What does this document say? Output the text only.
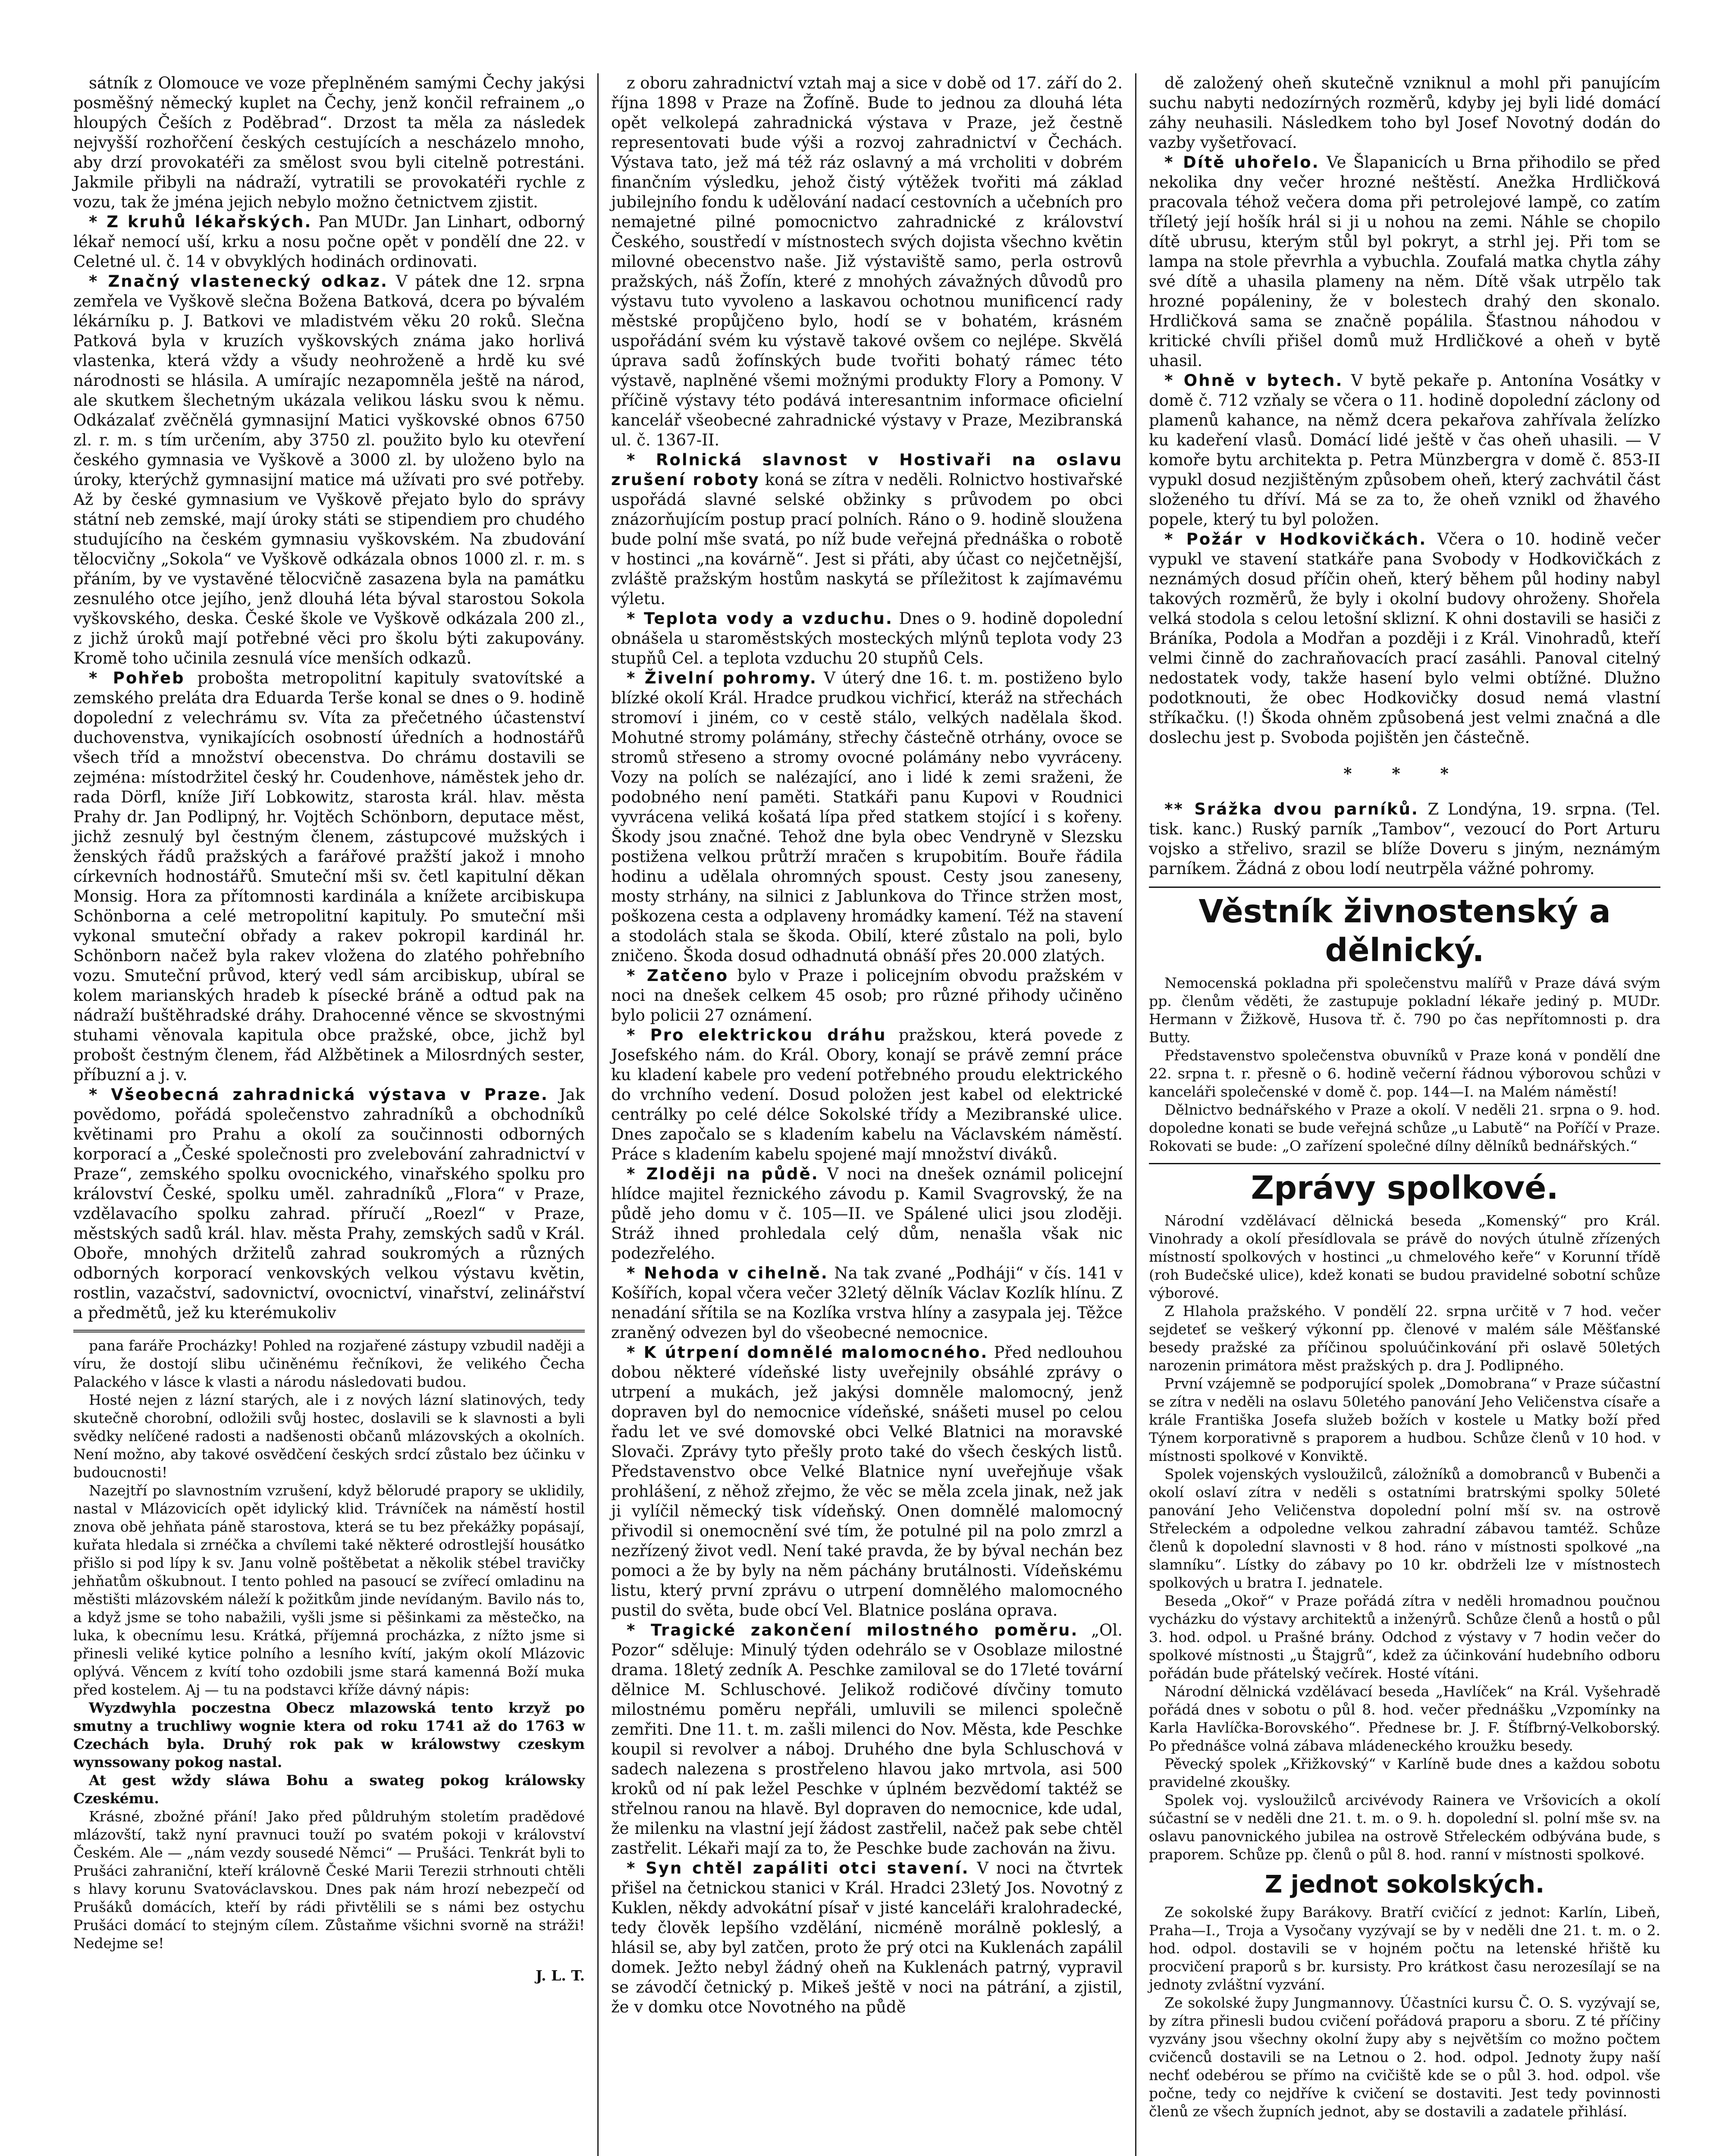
sátník z Olomouce ve voze přeplněném samými Čechy jakýsi posměšný německý kuplet na Čechy, jenž končil refrainem „o hloupých Češích z Poděbrad“. Drzost ta měla za následek nejvyšší rozhořčení českých cestujících a nescházelo mnoho, aby drzí provokatéři za smělost svou byli citelně potrestáni. Jakmile přibyli na nádraží, vytratili se provokatéři rychle z vozu, tak že jména jejich nebylo možno četnictvem zjistit.

* Z kruhů lékařských. Pan MUDr. Jan Linhart, odborný lékař nemocí uší, krku a nosu počne opět v pondělí dne 22. v Celetné ul. č. 14 v obvyklých hodinách ordinovati.

* Značný vlastenecký odkaz. V pátek dne 12. srpna zemřela ve Vyškově slečna Božena Batková, dcera po bývalém lékárníku p. J. Batkovi ve mladistvém věku 20 roků. Slečna Patková byla v kruzích vyškovských známa jako horlivá vlastenka, která vždy a všudy neohroženě a hrdě ku své národnosti se hlásila. A umírajíc nezapomněla ještě na národ, ale skutkem šlechetným ukázala velikou lásku svou k němu. Odkázalať zvěčnělá gymnasijní Matici vyškovské obnos 6750 zl. r. m. s tím určením, aby 3750 zl. použito bylo ku otevření českého gymnasia ve Vyškově a 3000 zl. by uloženo bylo na úroky, kterýchž gymnasijní matice má užívati pro své potřeby. Až by české gymnasium ve Vyškově přejato bylo do správy státní neb zemské, mají úroky státi se stipendiem pro chudého studujícího na českém gymnasiu vyškovském. Na zbudování tělocvičny „Sokola“ ve Vyškově odkázala obnos 1000 zl. r. m. s přáním, by ve vystavěné tělocvičně zasazena byla na památku zesnulého otce jejího, jenž dlouhá léta býval starostou Sokola vyškovského, deska. České škole ve Vyškově odkázala 200 zl., z jichž úroků mají potřebné věci pro školu býti zakupovány. Kromě toho učinila zesnulá více menších odkazů.

* Pohřeb probošta metropolitní kapituly svatovítské a zemského preláta dra Eduarda Terše konal se dnes o 9. hodině dopolední z velechrámu sv. Víta za přečetného účastenství duchovenstva, vynikajících osobností úředních a hodnostářů všech tříd a množství obecenstva. Do chrámu dostavili se zejména: místodržitel český hr. Coudenhove, náměstek jeho dr. rada Dörfl, kníže Jiří Lobkowitz, starosta král. hlav. města Prahy dr. Jan Podlipný, hr. Vojtěch Schönborn, deputace měst, jichž zesnulý byl čestným členem, zástupcové mužských i ženských řádů pražských a farářové pražští jakož i mnoho církevních hodnostářů. Smuteční mši sv. četl kapitulní děkan Monsig. Hora za přítomnosti kardinála a knížete arcibiskupa Schönborna a celé metropolitní kapituly. Po smuteční mši vykonal smuteční obřady a rakev pokropil kardinál hr. Schönborn načež byla rakev vložena do zlatého pohřebního vozu. Smuteční průvod, který vedl sám arcibiskup, ubíral se kolem marianských hradeb k písecké bráně a odtud pak na nádraží buštěhradské dráhy. Drahocenné věnce se skvostnými stuhami věnovala kapitula obce pražské, obce, jichž byl probošt čestným členem, řád Alžbětinek a Milosrdných sester, příbuzní a j. v.

* Všeobecná zahradnická výstava v Praze. Jak povědomo, pořádá společenstvo zahradníků a obchodníků květinami pro Prahu a okolí za součinnosti odborných korporací a „České společnosti pro zvelebování zahradnictví v Praze“, zemského spolku ovocnického, vinařského spolku pro království České, spolku uměl. zahradníků „Flora“ v Praze, vzdělavacího spolku zahrad. příručí „Roezl“ v Praze, městských sadů král. hlav. města Prahy, zemských sadů v Král. Oboře, mnohých držitelů zahrad soukromých a různých odborných korporací venkovských velkou výstavu květin, rostlin, vazačství, sadovnictví, ovocnictví, vinařství, zelinářství a předmětů, jež ku kterémukoliv

pana faráře Procházky! Pohled na rozjařené zástupy vzbudil naději a víru, že dostojí slibu učiněnému řečníkovi, že velikého Čecha Palackého v lásce k vlasti a národu následovati budou.

Hosté nejen z lázní starých, ale i z nových lázní slatinových, tedy skutečně chorobní, odložili svůj hostec, doslavili se k slavnosti a byli svědky nelíčené radosti a nadšenosti občanů mlázovských a okolních. Není možno, aby takové osvědčení českých srdcí zůstalo bez účinku v budoucnosti!

Nazejtří po slavnostním vzrušení, když bělorudé prapory se uklidily, nastal v Mlázovicích opět idylický klid. Trávníček na náměstí hostil znova obě jehňata páně starostova, která se tu bez překážky popásají, kuřata hledala si zrnéčka a chvílemi také některé odrostlejší housátko přišlo si pod lípy k sv. Janu volně poštěbetat a několik stébel travičky jehňatům oškubnout. I tento pohled na pasoucí se zvířecí omladinu na městišti mlázovském náleží k požitkům jinde nevídaným. Bavilo nás to, a když jsme se toho nabažili, vyšli jsme si pěšinkami za městečko, na luka, k obecnímu lesu. Krátká, příjemná procházka, z nížto jsme si přinesli veliké kytice polního a lesního kvítí, jakým okolí Mlázovic oplývá. Věncem z kvítí toho ozdobili jsme stará kamenná Boží muka před kostelem. Aj — tu na podstavci kříže dávný nápis:

Wyzdwyhla poczestna Obecz mlazowská tento krzyž po smutny a truchliwy wognie ktera od roku 1741 až do 1763 w Czechách byla. Druhý rok pak w králowstwy czeskym wynssowany pokog nastal.

At gest wždy sláwa Bohu a swateg pokog králowsky Czeskému.

Krásné, zbožné přání! Jako před půldruhým stoletím pradědové mlázovští, takž nyní pravnuci touží po svatém pokoji v království Českém. Ale — „nám vezdy sousedé Němci“ — Prušáci. Tenkrát byli to Prušáci zahraniční, kteří královně České Marii Terezii strhnouti chtěli s hlavy korunu Svatováclavskou. Dnes pak nám hrozí nebezpečí od Prušáků domácích, kteří by rádi přivtělili se s námi bez ostychu Prušáci domácí to stejným cílem. Zůstaňme všichni svorně na stráži! Nedejme se!

J. L. T.

z oboru zahradnictví vztah maj a sice v době od 17. září do 2. října 1898 v Praze na Žofíně. Bude to jednou za dlouhá léta opět velkolepá zahradnická výstava v Praze, jež čestně representovati bude výši a rozvoj zahradnictví v Čechách. Výstava tato, jež má též ráz oslavný a má vrcholiti v dobrém finančním výsledku, jehož čistý výtěžek tvořiti má základ jubilejního fondu k udělování nadací cestovních a učebních pro nemajetné pilné pomocnictvo zahradnické z království Českého, soustředí v místnostech svých dojista všechno květin milovné obecenstvo naše. Již výstaviště samo, perla ostrovů pražských, náš Žofín, které z mnohých závažných důvodů pro výstavu tuto vyvoleno a laskavou ochotnou munificencí rady městské propůjčeno bylo, hodí se v bohatém, krásném uspořádání svém ku výstavě takové ovšem co nejlépe. Skvělá úprava sadů žofínských bude tvořiti bohatý rámec této výstavě, naplněné všemi možnými produkty Flory a Pomony. V příčině výstavy této podává interesantnim informace oficielní kancelář všeobecné zahradnické výstavy v Praze, Mezibranská ul. č. 1367-II.

* Rolnická slavnost v Hostivaři na oslavu zrušení roboty koná se zítra v neděli. Rolnictvo hostivařské uspořádá slavné selské obžinky s průvodem po obci znázorňujícím postup prací polních. Ráno o 9. hodině sloužena bude polní mše svatá, po níž bude veřejná přednáška o robotě v hostinci „na kovárně“. Jest si přáti, aby účast co nejčetnější, zvláště pražským hostům naskytá se příležitost k zajímavému výletu.

* Teplota vody a vzduchu. Dnes o 9. hodině dopolední obnášela u staroměstských mosteckých mlýnů teplota vody 23 stupňů Cel. a teplota vzduchu 20 stupňů Cels.

* Živelní pohromy. V úterý dne 16. t. m. postiženo bylo blízké okolí Král. Hradce prudkou vichřicí, kteráž na střechách stromoví i jiném, co v cestě stálo, velkých nadělala škod. Mohutné stromy polámány, střechy částečně otrhány, ovoce se stromů střeseno a stromy ovocné polámány nebo vyvráceny. Vozy na polích se nalézající, ano i lidé k zemi sraženi, že podobného není paměti. Statkáři panu Kupovi v Roudnici vyvrácena veliká košatá lípa před statkem stojící i s kořeny. Škody jsou značné. Tehož dne byla obec Vendryně v Slezsku postižena velkou průtrží mračen s krupobitím. Bouře řádila hodinu a udělala ohromných spoust. Cesty jsou zaneseny, mosty strhány, na silnici z Jablunkova do Třince stržen most, poškozena cesta a odplaveny hromádky kamení. Též na stavení a stodolách stala se škoda. Obilí, které zůstalo na poli, bylo zničeno. Škoda dosud odhadnutá obnáší přes 20.000 zlatých.

* Zatčeno bylo v Praze i policejním obvodu pražském v noci na dnešek celkem 45 osob; pro různé přihody učiněno bylo policii 27 oznámení.

* Pro elektrickou dráhu pražskou, která povede z Josefského nám. do Král. Obory, konají se právě zemní práce ku kladení kabele pro vedení potřebného proudu elektrického do vrchního vedení. Dosud položen jest kabel od elektrické centrálky po celé délce Sokolské třídy a Mezibranské ulice. Dnes započalo se s kladením kabelu na Václavském náměstí. Práce s kladením kabelu spojené mají množství diváků.

* Zloději na půdě. V noci na dnešek oznámil policejní hlídce majitel řeznického závodu p. Kamil Svagrovský, že na půdě jeho domu v č. 105—II. ve Spálené ulici jsou zloději. Stráž ihned prohledala celý dům, nenašla však nic podezřelého.

* Nehoda v cihelně. Na tak zvané „Podháji“ v čís. 141 v Košířích, kopal včera večer 32letý dělník Václav Kozlík hlínu. Z nenadání sřítila se na Kozlíka vrstva hlíny a zasypala jej. Těžce zraněný odvezen byl do všeobecné nemocnice.

* K útrpení domnělé malomocného. Před nedlouhou dobou některé vídeňské listy uveřejnily obsáhlé zprávy o utrpení a mukách, jež jakýsi domněle malomocný, jenž dopraven byl do nemocnice vídeňské, snášeti musel po celou řadu let ve své domovské obci Velké Blatnici na moravské Slovači. Zprávy tyto přešly proto také do všech českých listů. Představenstvo obce Velké Blatnice nyní uveřejňuje však prohlášení, z něhož zřejmo, že věc se měla zcela jinak, než jak ji vylíčil německý tisk vídeňský. Onen domnělé malomocný přivodil si onemocnění své tím, že potulné pil na polo zmrzl a nezřízený život vedl. Není také pravda, že by býval nechán bez pomoci a že by byly na něm páchány brutálnosti. Vídeňskému listu, který první zprávu o utrpení domnělého malomocného pustil do světa, bude obcí Vel. Blatnice poslána oprava.

* Tragické zakončení milostného poměru. „Ol. Pozor“ sděluje: Minulý týden odehrálo se v Osoblaze milostné drama. 18letý zedník A. Peschke zamiloval se do 17leté tovární dělnice M. Schluschové. Jelikož rodičové dívčiny tomuto milostnému poměru nepřáli, umluvili se milenci společně zemřiti. Dne 11. t. m. zašli milenci do Nov. Města, kde Peschke koupil si revolver a náboj. Druhého dne byla Schluschová v sadech nalezena s prostřeleno hlavou jako mrtvola, asi 500 kroků od ní pak ležel Peschke v úplném bezvědomí taktéž se střelnou ranou na hlavě. Byl dopraven do nemocnice, kde udal, že milenku na vlastní její žádost zastřelil, načež pak sebe chtěl zastřelit. Lékaři mají za to, že Peschke bude zachován na živu.

* Syn chtěl zapáliti otci stavení. V noci na čtvrtek přišel na četnickou stanici v Král. Hradci 23letý Jos. Novotný z Kuklen, někdy advokátní písař v jisté kanceláři kralohradecké, tedy člověk lepšího vzdělání, nicméně morálně pokleslý, a hlásil se, aby byl zatčen, proto že prý otci na Kuklenách zapálil domek. Ježto nebyl žádný oheň na Kuklenách patrný, vypravil se závodčí četnický p. Mikeš ještě v noci na pátrání, a zjistil, že v domku otce Novotného na půdě

dě založený oheň skutečně vzniknul a mohl při panujícím suchu nabyti nedozírných rozměrů, kdyby jej byli lidé domácí záhy neuhasili. Následkem toho byl Josef Novotný dodán do vazby vyšetřovací.

* Dítě uhořelo. Ve Šlapanicích u Brna přihodilo se před nekolika dny večer hrozné neštěstí. Anežka Hrdličková pracovala téhož večera doma při petrolejové lampě, co zatím tříletý její hošík hrál si ji u nohou na zemi. Náhle se chopilo dítě ubrusu, kterým stůl byl pokryt, a strhl jej. Při tom se lampa na stole převrhla a vybuchla. Zoufalá matka chytla záhy své dítě a uhasila plameny na něm. Dítě však utrpělo tak hrozné popáleniny, že v bolestech drahý den skonalo. Hrdličková sama se značně popálila. Šťastnou náhodou v kritické chvíli přišel domů muž Hrdličkové a oheň v bytě uhasil.

* Ohně v bytech. V bytě pekaře p. Antonína Vosátky v domě č. 712 vzňaly se včera o 11. hodině dopolední záclony od plamenů kahance, na němž dcera pekařova zahřívala želízko ku kadeření vlasů. Domácí lidé ještě v čas oheň uhasili. — V komoře bytu architekta p. Petra Münzbergra v domě č. 853-II vypukl dosud nezjištěným způsobem oheň, který zachvátil část složeného tu dříví. Má se za to, že oheň vznikl od žhavého popele, který tu byl položen.

* Požár v Hodkovičkách. Včera o 10. hodině večer vypukl ve stavení statkáře pana Svobody v Hodkovičkách z neznámých dosud příčin oheň, který během půl hodiny nabyl takových rozměrů, že byly i okolní budovy ohroženy. Shořela velká stodola s celou letošní sklizní. K ohni dostavili se hasiči z Bráníka, Podola a Modřan a později i z Král. Vinohradů, kteří velmi činně do zachraňovacích prací zasáhli. Panoval citelný nedostatek vody, takže hasení bylo velmi obtížné. Dlužno podotknouti, že obec Hodkovičky dosud nemá vlastní stříkačku. (!) Škoda ohněm způsobená jest velmi značná a dle doslechu jest p. Svoboda pojištěn jen částečně.

* * *

** Srážka dvou parníků. Z Londýna, 19. srpna. (Tel. tisk. kanc.) Ruský parník „Tambov“, vezoucí do Port Arturu vojsko a střelivo, srazil se blíže Doveru s jiným, neznámým parníkem. Žádná z obou lodí neutrpěla vážné pohromy.

Věstník živnostenský a dělnický.

Nemocenská pokladna při společenstvu malířů v Praze dává svým pp. členům věděti, že zastupuje pokladní lékaře jediný p. MUDr. Hermann v Žižkově, Husova tř. č. 790 po čas nepřítomnosti p. dra Butty.

Představenstvo společenstva obuvníků v Praze koná v pondělí dne 22. srpna t. r. přesně o 6. hodině večerní řádnou výborovou schůzi v kanceláři společenské v domě č. pop. 144—I. na Malém náměstí!

Dělnictvo bednářského v Praze a okolí. V neděli 21. srpna o 9. hod. dopoledne konati se bude veřejná schůze „u Labutě“ na Poříčí v Praze. Rokovati se bude: „O zařízení společné dílny dělníků bednářských.“

Zprávy spolkové.

Národní vzdělávací dělnická beseda „Komenský“ pro Král. Vinohrady a okolí přesídlovala se právě do nových útulně zřízených místností spolkových v hostinci „u chmelového keře“ v Korunní třídě (roh Budečské ulice), kdež konati se budou pravidelné sobotní schůze výborové.

Z Hlahola pražského. V pondělí 22. srpna určitě v 7 hod. večer sejdeteť se veškerý výkonní pp. členové v malém sále Měšťanské besedy pražské za příčinou spoluúčinkování při oslavě 50letých narozenin primátora měst pražských p. dra J. Podlipného.

První vzájemně se podporující spolek „Domobrana“ v Praze súčastní se zítra v neděli na oslavu 50letého panování Jeho Veličenstva císaře a krále Františka Josefa služeb božích v kostele u Matky boží před Týnem korporativně s praporem a hudbou. Schůze členů v 10 hod. v místnosti spolkové v Konviktě.

Spolek vojenských vysloužilců, záložníků a domobranců v Bubenči a okolí oslaví zítra v neděli s ostatními bratrskými spolky 50leté panování Jeho Veličenstva dopolední polní mší sv. na ostrově Střeleckém a odpoledne velkou zahradní zábavou tamtéž. Schůze členů k dopolední slavnosti v 8 hod. ráno v místnosti spolkové „na slamníku“. Lístky do zábavy po 10 kr. obdrželi lze v místnostech spolkových u bratra I. jednatele.

Beseda „Okoř“ v Praze pořádá zítra v neděli hromadnou poučnou vycházku do výstavy architektů a inženýrů. Schůze členů a hostů o půl 3. hod. odpol. u Prašné brány. Odchod z výstavy v 7 hodin večer do spolkové místnosti „u Štajgrů“, kdež za účinkování hudebního odboru pořádán bude přátelský večírek. Hosté vítáni.

Národní dělnická vzdělávací beseda „Havlíček“ na Král. Vyšehradě pořádá dnes v sobotu o půl 8. hod. večer přednášku „Vzpomínky na Karla Havlíčka-Borovského“. Přednese br. J. F. Štífbrný-Velkoborský. Po přednášce volná zábava mládeneckého kroužku besedy.

Pěvecký spolek „Křižkovský“ v Karlíně bude dnes a každou sobotu pravidelné zkoušky.

Spolek voj. vysloužilců arcivévody Rainera ve Vršovicích a okolí súčastní se v neděli dne 21. t. m. o 9. h. dopolední sl. polní mše sv. na oslavu panovnického jubilea na ostrově Střeleckém odbývána bude, s praporem. Schůze pp. členů o půl 8. hod. ranní v místnosti spolkové.

Z jednot sokolských.

Ze sokolské župy Barákovy. Bratří cvičící z jednot: Karlín, Libeň, Praha—I., Troja a Vysočany vyzývají se by v neděli dne 21. t. m. o 2. hod. odpol. dostavili se v hojném počtu na letenské hřiště ku procvičení praporů s br. kursisty. Pro krátkost času nerozesílají se na jednoty zvláštní vyzvání.

Ze sokolské župy Jungmannovy. Účastníci kursu Č. O. S. vyzývají se, by zítra přinesli budou cvičení pořádová praporu a sboru. Z té příčiny vyzvány jsou všechny okolní župy aby s největším co možno počtem cvičenců dostavili se na Letnou o 2. hod. odpol. Jednoty župy naší nechť odebérou se přímo na cvičiště kde se o půl 3. hod. odpol. vše počne, tedy co nejdříve k cvičení se dostaviti. Jest tedy povinnosti členů ze všech župních jednot, aby se dostavili a zadatele přihlásí.
